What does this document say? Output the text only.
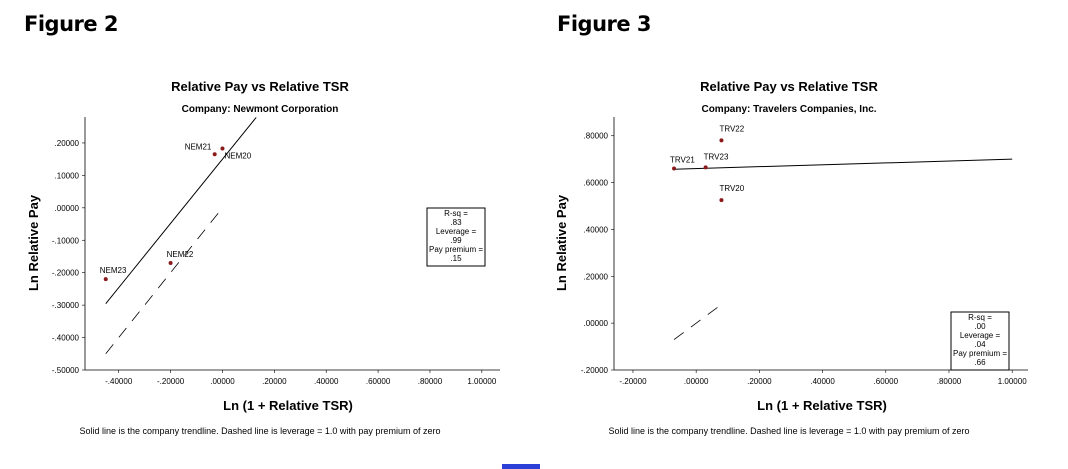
Figure 2	Figure 3
Relative Pay vs Relative TSR
Company: Newmont Corporation
Ln Relative Pay
Ln (1 + Relative TSR)
Solid line is the company trendline. Dashed line is leverage = 1.0 with pay premium of zero
R-sq =
.83
Leverage =
.99
Pay premium =
.15
.20000
.10000
.00000
-.10000
-.20000
-.30000
-.40000
-.50000
-.40000	-.20000	.00000	.20000	.40000	.60000	.80000	1.00000
NEM21
NEM20
NEM22
NEM23
Relative Pay vs Relative TSR
Company: Travelers Companies, Inc.
Ln Relative Pay
Ln (1 + Relative TSR)
Solid line is the company trendline. Dashed line is leverage = 1.0 with pay premium of zero
R-sq =
.00
Leverage =
.04
Pay premium =
.66
.80000
.60000
.40000
.20000
.00000
-.20000
-.20000	.00000	.20000	.40000	.60000	.80000	1.00000
TRV22
TRV21 TRV23
TRV20
